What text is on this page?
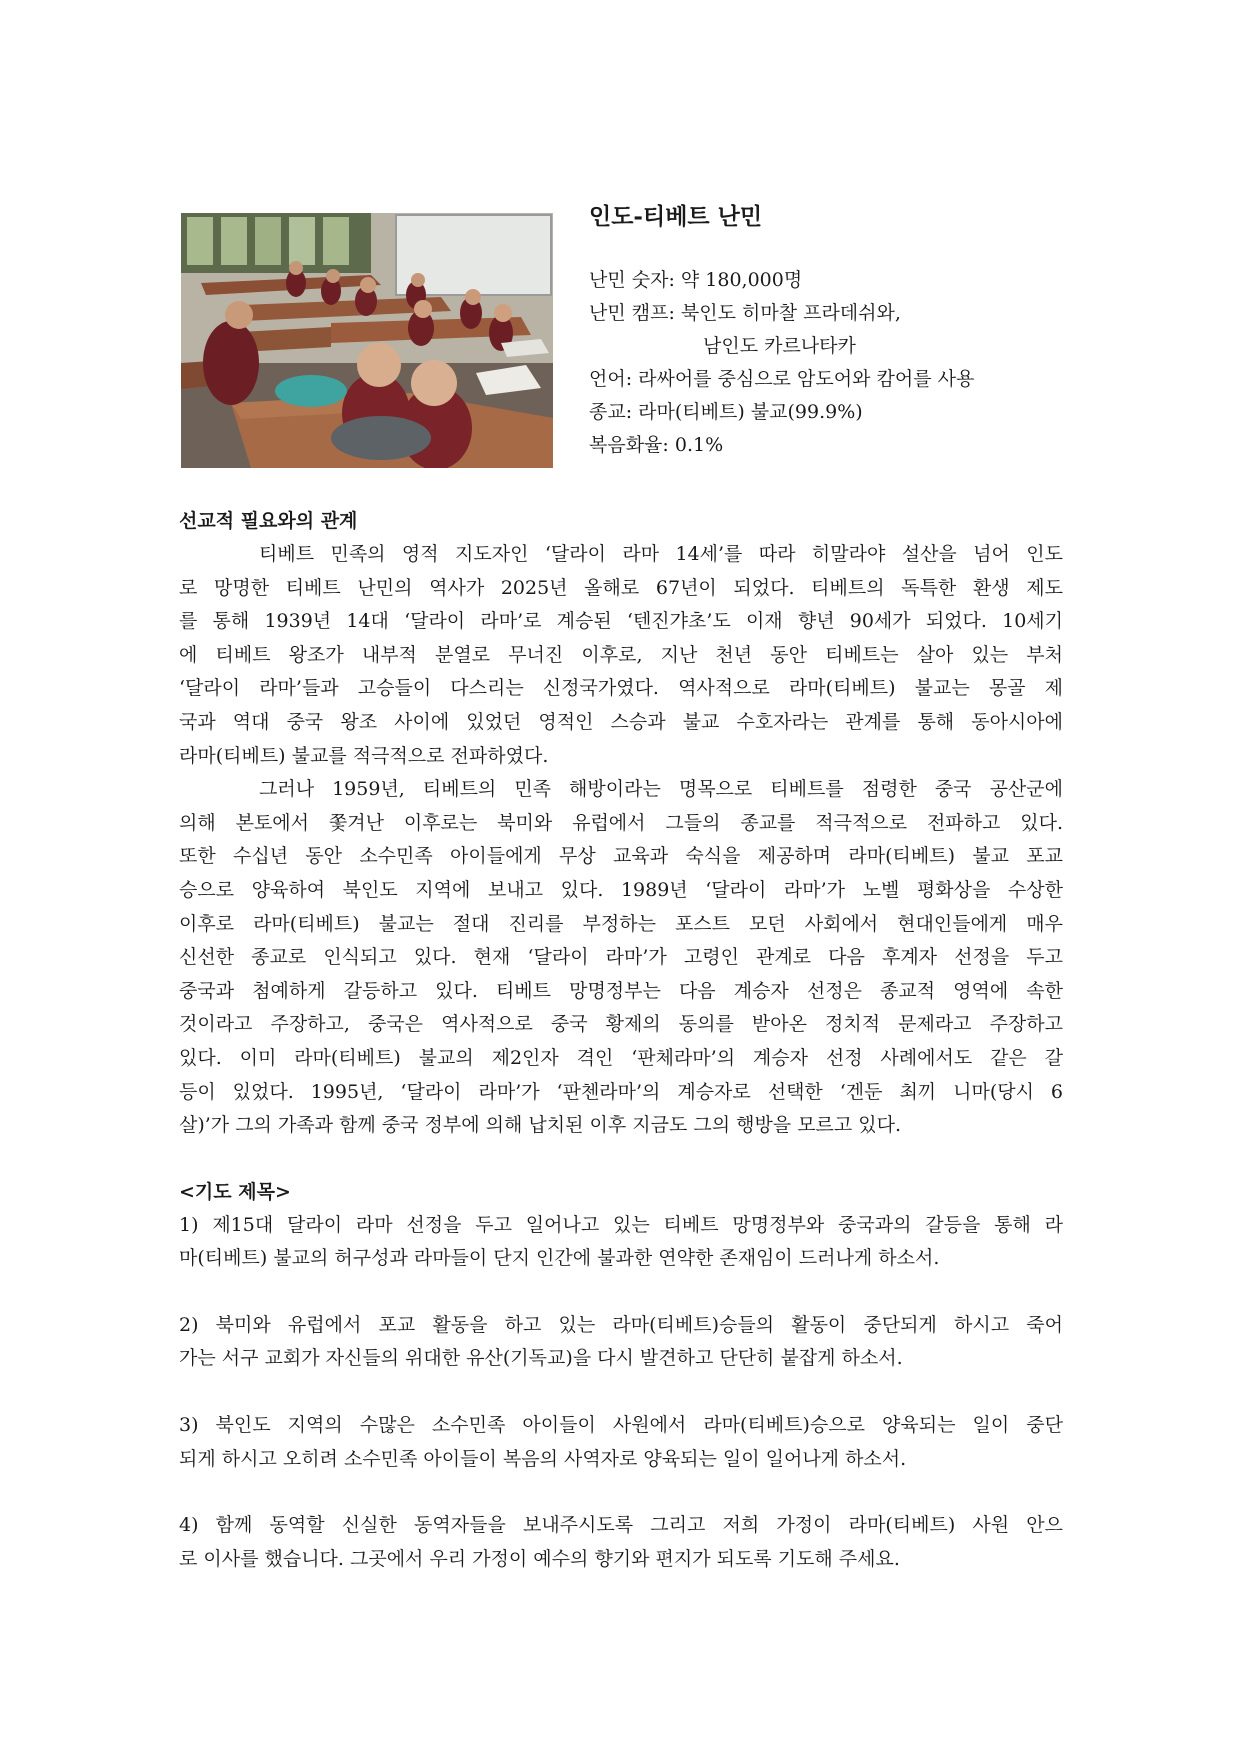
인도-티베트 난민
난민 숫자: 약 180,000명
난민 캠프: 북인도 히마찰 프라데쉬와,
남인도 카르나타카
언어: 라싸어를 중심으로 암도어와 캄어를 사용
종교: 라마(티베트) 불교(99.9%)
복음화율: 0.1%
선교적 필요와의 관계
티베트 민족의 영적 지도자인 ‘달라이 라마 14세’를 따라 히말라야 설산을 넘어 인도
로 망명한 티베트 난민의 역사가 2025년 올해로 67년이 되었다. 티베트의 독특한 환생 제도
를 통해 1939년 14대 ‘달라이 라마’로 계승된 ‘텐진갸초’도 이재 향년 90세가 되었다. 10세기
에 티베트 왕조가 내부적 분열로 무너진 이후로, 지난 천년 동안 티베트는 살아 있는 부처
‘달라이 라마’들과 고승들이 다스리는 신정국가였다. 역사적으로 라마(티베트) 불교는 몽골 제
국과 역대 중국 왕조 사이에 있었던 영적인 스승과 불교 수호자라는 관계를 통해 동아시아에
라마(티베트) 불교를 적극적으로 전파하였다.
그러나 1959년, 티베트의 민족 해방이라는 명목으로 티베트를 점령한 중국 공산군에
의해 본토에서 쫓겨난 이후로는 북미와 유럽에서 그들의 종교를 적극적으로 전파하고 있다.
또한 수십년 동안 소수민족 아이들에게 무상 교육과 숙식을 제공하며 라마(티베트) 불교 포교
승으로 양육하여 북인도 지역에 보내고 있다. 1989년 ‘달라이 라마’가 노벨 평화상을 수상한
이후로 라마(티베트) 불교는 절대 진리를 부정하는 포스트 모던 사회에서 현대인들에게 매우
신선한 종교로 인식되고 있다. 현재 ‘달라이 라마’가 고령인 관계로 다음 후계자 선정을 두고
중국과 첨예하게 갈등하고 있다. 티베트 망명정부는 다음 계승자 선정은 종교적 영역에 속한
것이라고 주장하고, 중국은 역사적으로 중국 황제의 동의를 받아온 정치적 문제라고 주장하고
있다. 이미 라마(티베트) 불교의 제2인자 격인 ‘판체라마’의 계승자 선정 사례에서도 같은 갈
등이 있었다. 1995년, ‘달라이 라마’가 ‘판첸라마’의 계승자로 선택한 ‘겐둔 최끼 니마(당시 6
살)’가 그의 가족과 함께 중국 정부에 의해 납치된 이후 지금도 그의 행방을 모르고 있다.
<기도 제목>
1) 제15대 달라이 라마 선정을 두고 일어나고 있는 티베트 망명정부와 중국과의 갈등을 통해 라
마(티베트) 불교의 허구성과 라마들이 단지 인간에 불과한 연약한 존재임이 드러나게 하소서.
2) 북미와 유럽에서 포교 활동을 하고 있는 라마(티베트)승들의 활동이 중단되게 하시고 죽어
가는 서구 교회가 자신들의 위대한 유산(기독교)을 다시 발견하고 단단히 붙잡게 하소서.
3) 북인도 지역의 수많은 소수민족 아이들이 사원에서 라마(티베트)승으로 양육되는 일이 중단
되게 하시고 오히려 소수민족 아이들이 복음의 사역자로 양육되는 일이 일어나게 하소서.
4) 함께 동역할 신실한 동역자들을 보내주시도록 그리고 저희 가정이 라마(티베트) 사원 안으
로 이사를 했습니다. 그곳에서 우리 가정이 예수의 향기와 편지가 되도록 기도해 주세요.
